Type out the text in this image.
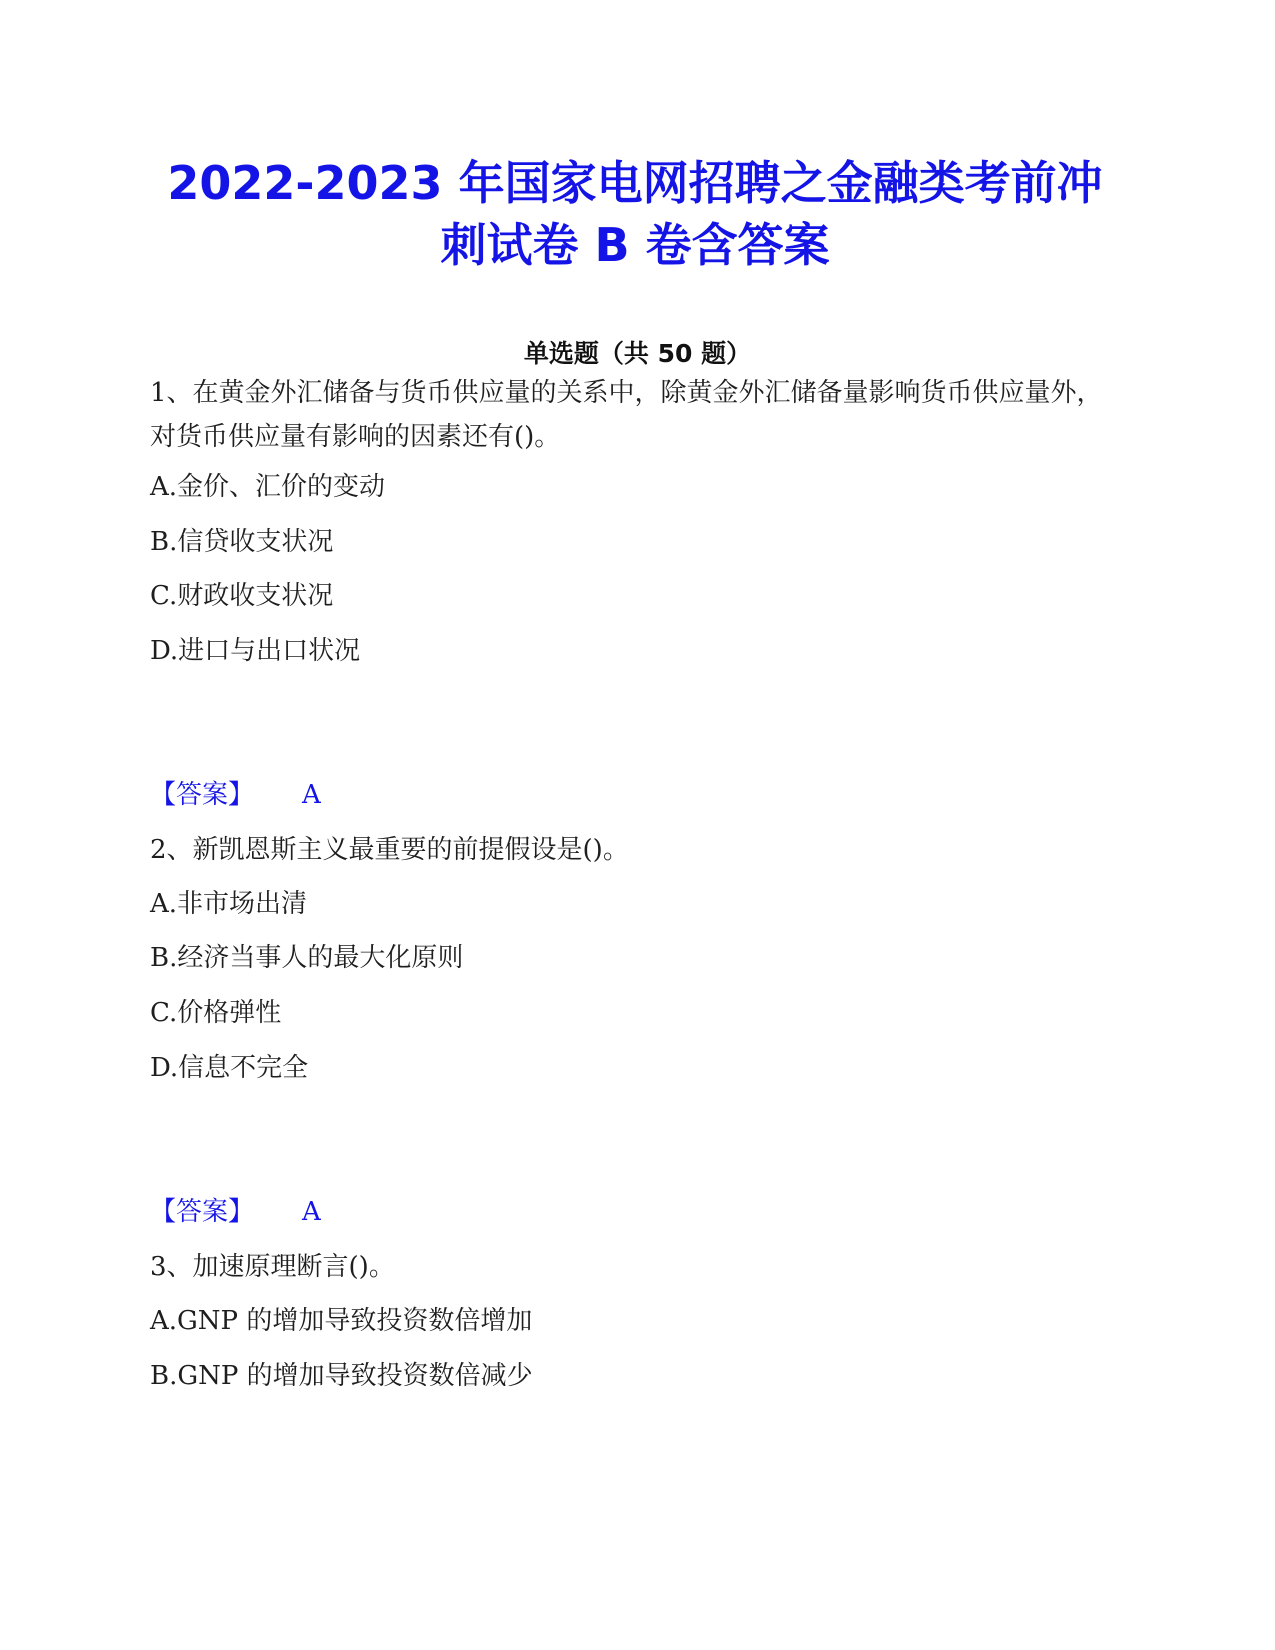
2022-2023 年国家电网招聘之金融类考前冲
刺试卷 B 卷含答案
单选题（共 50 题）
1、在黄金外汇储备与货币供应量的关系中，除黄金外汇储备量影响货币供应量外，对货币供应量有影响的因素还有()。
A.金价、汇价的变动
B.信贷收支状况
C.财政收支状况
D.进口与出口状况
【答案】 A
2、新凯恩斯主义最重要的前提假设是()。
A.非市场出清
B.经济当事人的最大化原则
C.价格弹性
D.信息不完全
【答案】 A
3、加速原理断言()。
A.GNP 的增加导致投资数倍增加
B.GNP 的增加导致投资数倍减少
